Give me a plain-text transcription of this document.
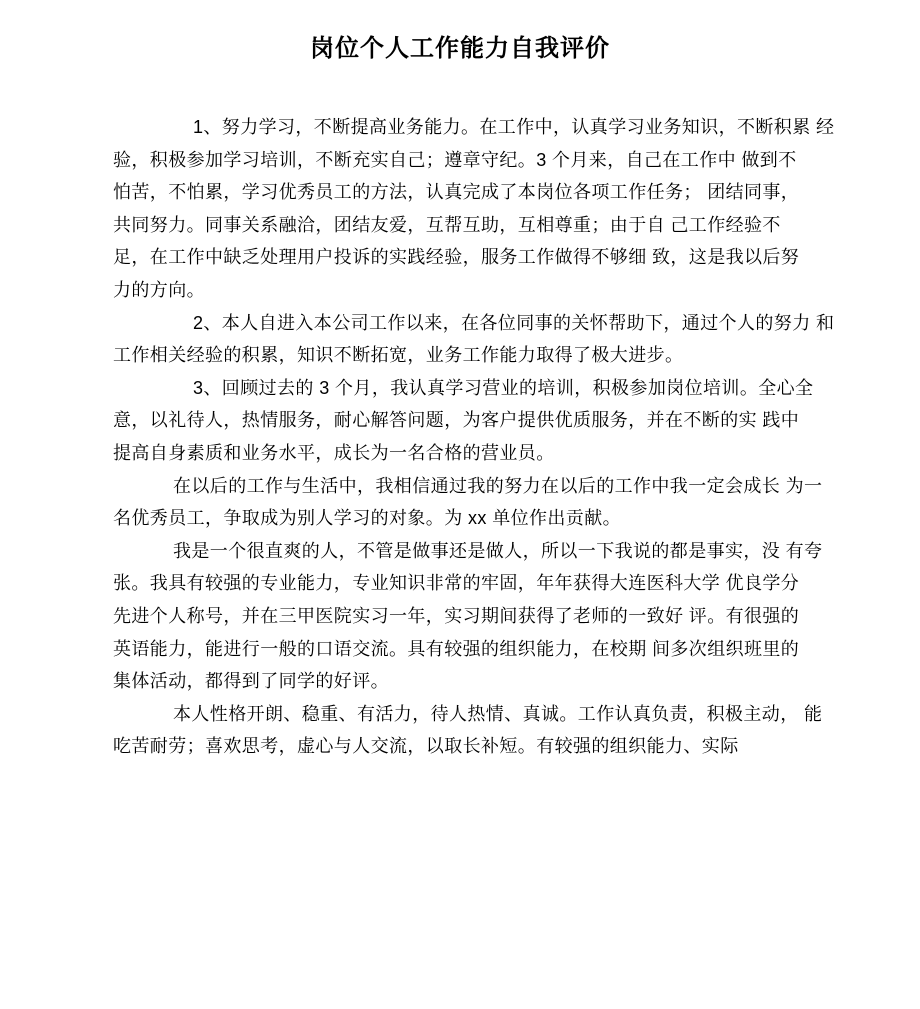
岗位个人工作能力自我评价
1、努力学习，不断提高业务能力。在工作中，认真学习业务知识，不断积累 经
验，积极参加学习培训，不断充实自己；遵章守纪。3 个月来，自己在工作中 做到不
怕苦，不怕累，学习优秀员工的方法，认真完成了本岗位各项工作任务； 团结同事，
共同努力。同事关系融洽，团结友爱，互帮互助，互相尊重；由于自 己工作经验不
足，在工作中缺乏处理用户投诉的实践经验，服务工作做得不够细 致，这是我以后努
力的方向。
2、本人自进入本公司工作以来，在各位同事的关怀帮助下，通过个人的努力 和
工作相关经验的积累，知识不断拓宽，业务工作能力取得了极大进步。
3、回顾过去的 3 个月，我认真学习营业的培训，积极参加岗位培训。全心全
意，以礼待人，热情服务，耐心解答问题，为客户提供优质服务，并在不断的实 践中
提高自身素质和业务水平，成长为一名合格的营业员。
在以后的工作与生活中，我相信通过我的努力在以后的工作中我一定会成长 为一
名优秀员工，争取成为别人学习的对象。为 xx 单位作出贡献。
我是一个很直爽的人，不管是做事还是做人，所以一下我说的都是事实，没 有夸
张。我具有较强的专业能力，专业知识非常的牢固，年年获得大连医科大学 优良学分
先进个人称号，并在三甲医院实习一年，实习期间获得了老师的一致好 评。有很强的
英语能力，能进行一般的口语交流。具有较强的组织能力，在校期 间多次组织班里的
集体活动，都得到了同学的好评。
本人性格开朗、稳重、有活力，待人热情、真诚。工作认真负责，积极主动， 能
吃苦耐劳；喜欢思考，虚心与人交流，以取长补短。有较强的组织能力、实际
